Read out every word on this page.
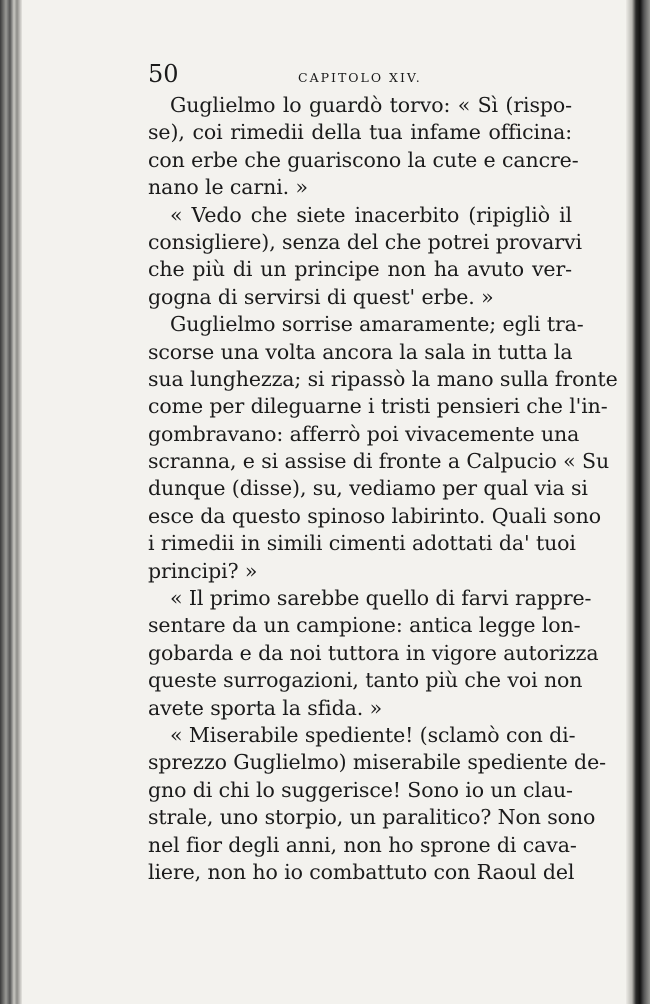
50	CAPITOLO XIV.
Guglielmo lo guardò torvo: « Sì (rispo-
se), coi rimedii della tua infame officina:
con erbe che guariscono la cute e cancre-
nano le carni. »
« Vedo che siete inacerbito (ripigliò il
consigliere), senza del che potrei provarvi
che più di un principe non ha avuto ver-
gogna di servirsi di quest' erbe. »
Guglielmo sorrise amaramente; egli tra-
scorse una volta ancora la sala in tutta la
sua lunghezza; si ripassò la mano sulla fronte
come per dileguarne i tristi pensieri che l'in-
gombravano: afferrò poi vivacemente una
scranna, e si assise di fronte a Calpucio « Su
dunque (disse), su, vediamo per qual via si
esce da questo spinoso labirinto. Quali sono
i rimedii in simili cimenti adottati da' tuoi
principi? »
« Il primo sarebbe quello di farvi rappre-
sentare da un campione: antica legge lon-
gobarda e da noi tuttora in vigore autorizza
queste surrogazioni, tanto più che voi non
avete sporta la sfida. »
« Miserabile spediente! (sclamò con di-
sprezzo Guglielmo) miserabile spediente de-
gno di chi lo suggerisce! Sono io un clau-
strale, uno storpio, un paralitico? Non sono
nel fior degli anni, non ho sprone di cava-
liere, non ho io combattuto con Raoul del
